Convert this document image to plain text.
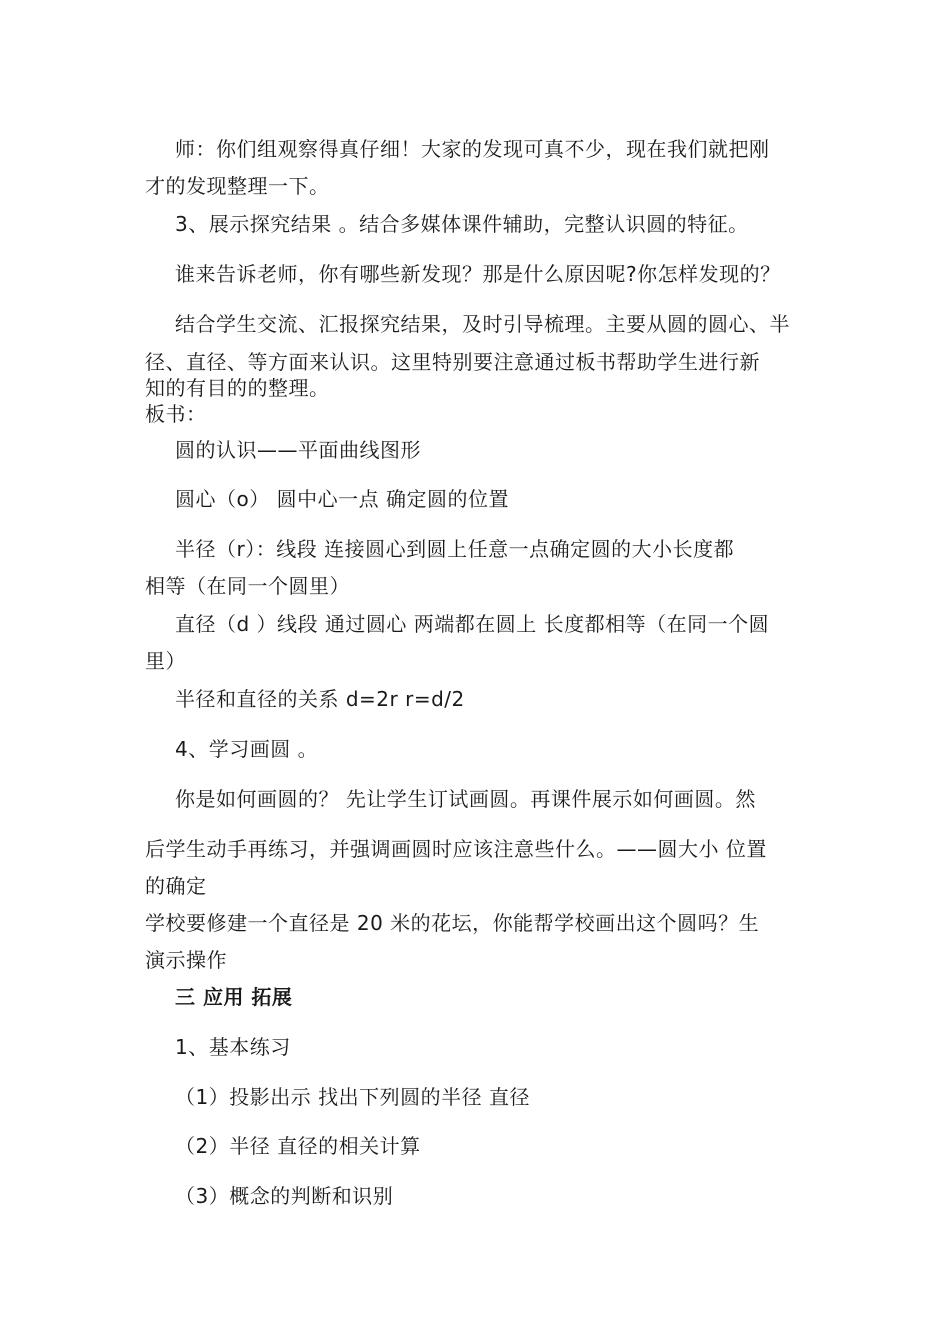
师：你们组观察得真仔细！大家的发现可真不少，现在我们就把刚
才的发现整理一下。
3、展示探究结果 。结合多媒体课件辅助，完整认识圆的特征。
谁来告诉老师，你有哪些新发现？那是什么原因呢?你怎样发现的？
结合学生交流、汇报探究结果，及时引导梳理。主要从圆的圆心、半
径、直径、等方面来认识。这里特别要注意通过板书帮助学生进行新
知的有目的的整理。
板书：
圆的认识——平面曲线图形
圆心（o） 圆中心一点 确定圆的位置
半径（r）：线段 连接圆心到圆上任意一点确定圆的大小长度都
相等（在同一个圆里）
直径（d ）线段 通过圆心 两端都在圆上 长度都相等（在同一个圆
里）
半径和直径的关系 d=2r r=d/2
4、学习画圆 。
你是如何画圆的？ 先让学生订试画圆。再课件展示如何画圆。然
后学生动手再练习，并强调画圆时应该注意些什么。——圆大小 位置
的确定
学校要修建一个直径是 20 米的花坛，你能帮学校画出这个圆吗？生
演示操作
三 应用 拓展
1、基本练习
（1）投影出示 找出下列圆的半径 直径
（2）半径 直径的相关计算
（3）概念的判断和识别
